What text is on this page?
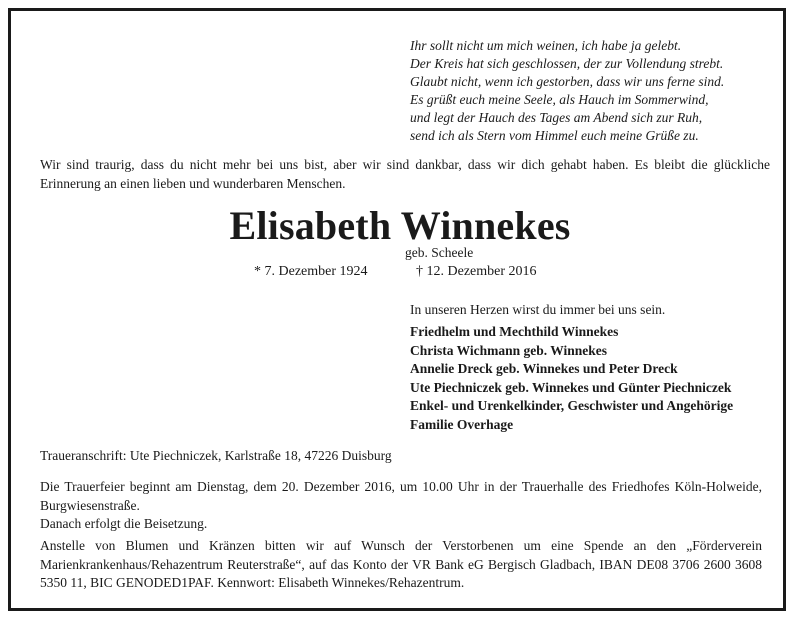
Ihr sollt nicht um mich weinen, ich habe ja gelebt.
Der Kreis hat sich geschlossen, der zur Vollendung strebt.
Glaubt nicht, wenn ich gestorben, dass wir uns ferne sind.
Es grüßt euch meine Seele, als Hauch im Sommerwind,
und legt der Hauch des Tages am Abend sich zur Ruh,
send ich als Stern vom Himmel euch meine Grüße zu.
Wir sind traurig, dass du nicht mehr bei uns bist, aber wir sind dankbar, dass wir dich gehabt haben. Es bleibt die glückliche Erinnerung an einen lieben und wunderbaren Menschen.
Elisabeth Winnekes
geb. Scheele
* 7. Dezember 1924	† 12. Dezember 2016
In unseren Herzen wirst du immer bei uns sein.
Friedhelm und Mechthild Winnekes
Christa Wichmann geb. Winnekes
Annelie Dreck geb. Winnekes und Peter Dreck
Ute Piechniczek geb. Winnekes und Günter Piechniczek
Enkel- und Urenkelkinder, Geschwister und Angehörige
Familie Overhage
Traueranschrift: Ute Piechniczek, Karlstraße 18, 47226 Duisburg
Die Trauerfeier beginnt am Dienstag, dem 20. Dezember 2016, um 10.00 Uhr in der Trauerhalle des Friedhofes Köln-Holweide, Burgwiesenstraße.
Danach erfolgt die Beisetzung.
Anstelle von Blumen und Kränzen bitten wir auf Wunsch der Verstorbenen um eine Spende an den „Förderverein Marienkrankenhaus/Rehazentrum Reuterstraße“, auf das Konto der VR Bank eG Bergisch Gladbach, IBAN DE08 3706 2600 3608 5350 11, BIC GENODED1PAF. Kennwort: Elisabeth Winnekes/Rehazentrum.
